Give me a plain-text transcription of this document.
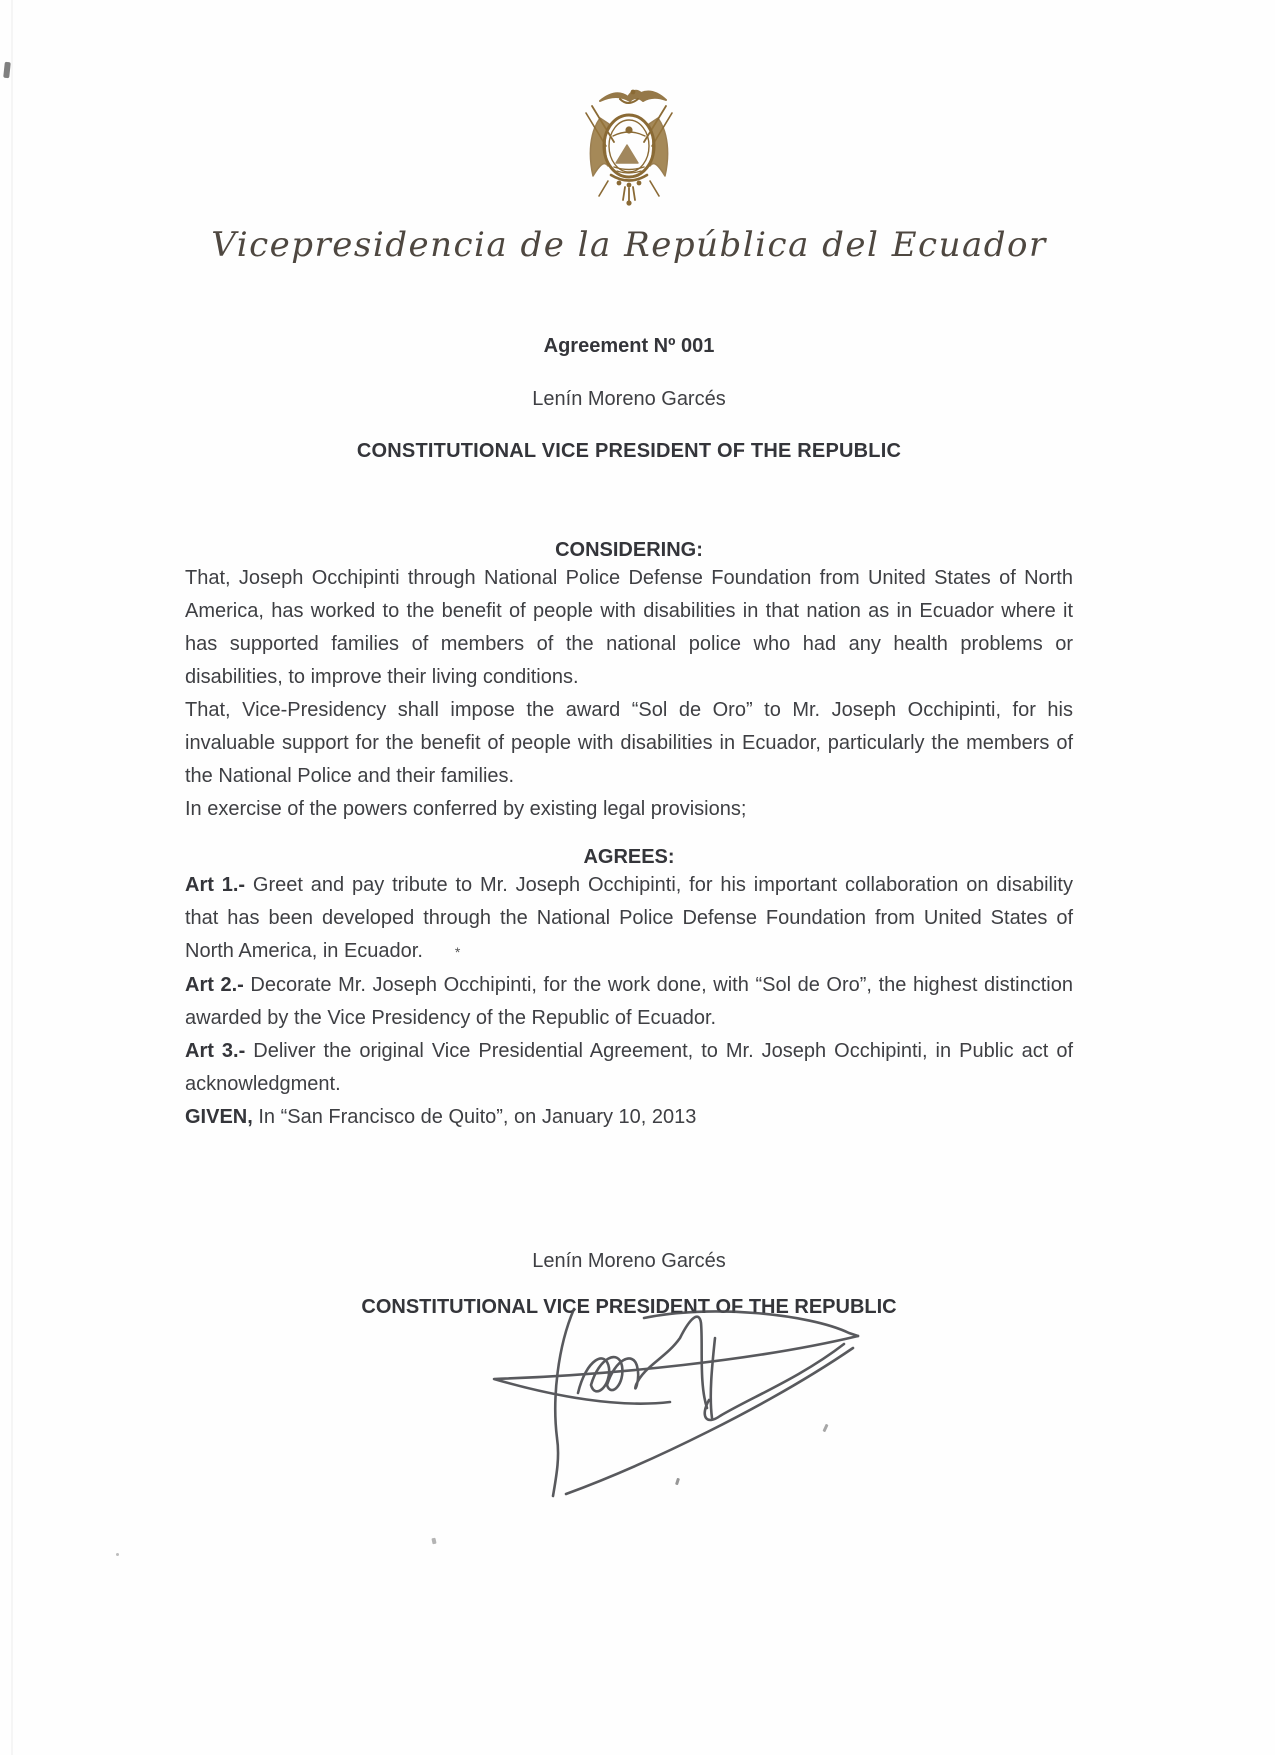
Vicepresidencia de la República del Ecuador
Agreement Nº 001
Lenín Moreno Garcés
CONSTITUTIONAL VICE PRESIDENT OF THE REPUBLIC
CONSIDERING:

That, Joseph Occhipinti through National Police Defense Foundation from United States of North America, has worked to the benefit of people with disabilities in that nation as in Ecuador where it has supported families of members of the national police who had any health problems or disabilities, to improve their living conditions.

That, Vice-Presidency shall impose the award “Sol de Oro” to Mr. Joseph Occhipinti, for his invaluable support for the benefit of people with disabilities in Ecuador, particularly the members of the National Police and their families.

In exercise of the powers conferred by existing legal provisions;

AGREES:

Art 1.- Greet and pay tribute to Mr. Joseph Occhipinti, for his important collaboration on disability that has been developed through the National Police Defense Foundation from United States of North America, in Ecuador. *

Art 2.- Decorate Mr. Joseph Occhipinti, for the work done, with “Sol de Oro”, the highest distinction awarded by the Vice Presidency of the Republic of Ecuador.

Art 3.- Deliver the original Vice Presidential Agreement, to Mr. Joseph Occhipinti, in Public act of acknowledgment.

GIVEN, In “San Francisco de Quito”, on January 10, 2013

Lenín Moreno Garcés
CONSTITUTIONAL VICE PRESIDENT OF THE REPUBLIC
